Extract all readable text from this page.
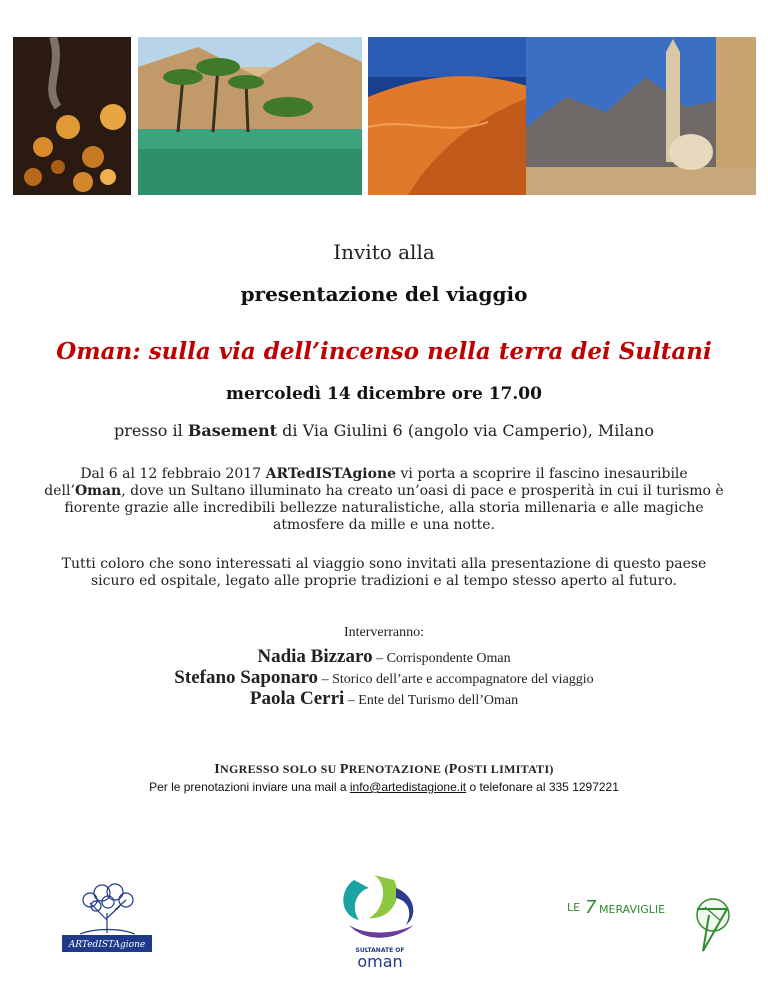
Invito alla
presentazione del viaggio
Oman: sulla via dell’incenso nella terra dei Sultani
mercoledì 14 dicembre ore 17.00
presso il Basement di Via Giulini 6 (angolo via Camperio), Milano
Dal 6 al 12 febbraio 2017 ARTedISTAgione vi porta a scoprire il fascino inesauribile dell’Oman, dove un Sultano illuminato ha creato un’oasi di pace e prosperità in cui il turismo è fiorente grazie alle incredibili bellezze naturalistiche, alla storia millenaria e alle magiche atmosfere da mille e una notte.
Tutti coloro che sono interessati al viaggio sono invitati alla presentazione di questo paese sicuro ed ospitale, legato alle proprie tradizioni e al tempo stesso aperto al futuro.
Interverranno:
Nadia Bizzaro – Corrispondente Oman
Stefano Saponaro – Storico dell’arte e accompagnatore del viaggio
Paola Cerri – Ente del Turismo dell’Oman
INGRESSO SOLO SU PRENOTAZIONE (POSTI LIMITATI)
Per le prenotazioni inviare una mail a info@artedistagione.it o telefonare al 335 1297221
ARTedISTAgione
SULTANATE OF
oman
LE 7 MERAVIGLIE
